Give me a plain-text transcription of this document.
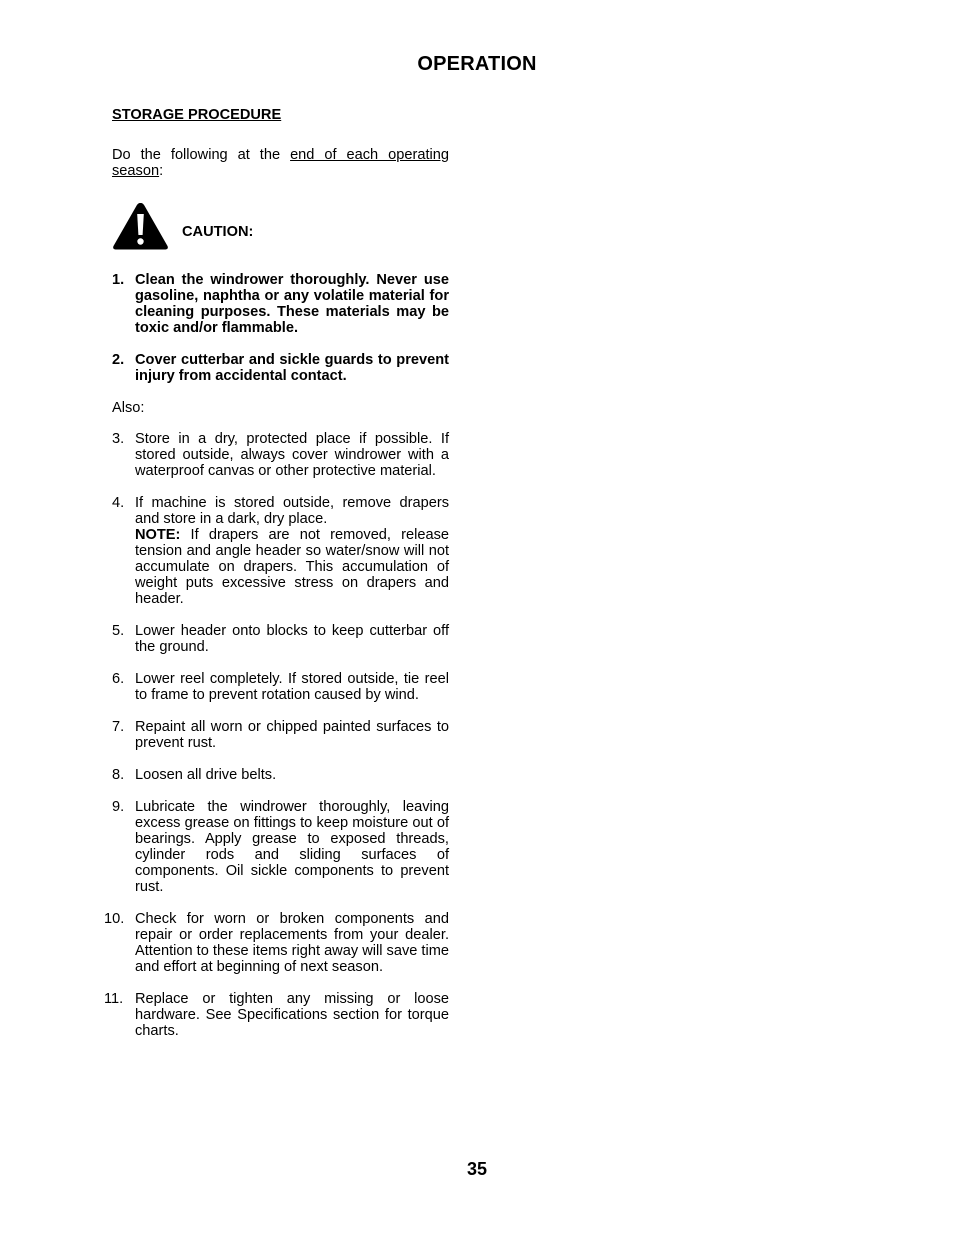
OPERATION
STORAGE PROCEDURE

Do the following at the end of each operating season:

CAUTION:
1. Clean the windrower thoroughly. Never use gasoline, naphtha or any volatile material for cleaning purposes. These materials may be toxic and/or flammable.
2. Cover cutterbar and sickle guards to prevent injury from accidental contact.
Also:
3. Store in a dry, protected place if possible. If stored outside, always cover windrower with a waterproof canvas or other protective material.
4. If machine is stored outside, remove drapers and store in a dark, dry place.
NOTE: If drapers are not removed, release tension and angle header so water/snow will not accumulate on drapers. This accumulation of weight puts excessive stress on drapers and header.
5. Lower header onto blocks to keep cutterbar off the ground.
6. Lower reel completely. If stored outside, tie reel to frame to prevent rotation caused by wind.
7. Repaint all worn or chipped painted surfaces to prevent rust.
8. Loosen all drive belts.
9. Lubricate the windrower thoroughly, leaving excess grease on fittings to keep moisture out of bearings. Apply grease to exposed threads, cylinder rods and sliding surfaces of components. Oil sickle components to prevent rust.
10. Check for worn or broken components and repair or order replacements from your dealer. Attention to these items right away will save time and effort at beginning of next season.
11. Replace or tighten any missing or loose hardware. See Specifications section for torque charts.
35
